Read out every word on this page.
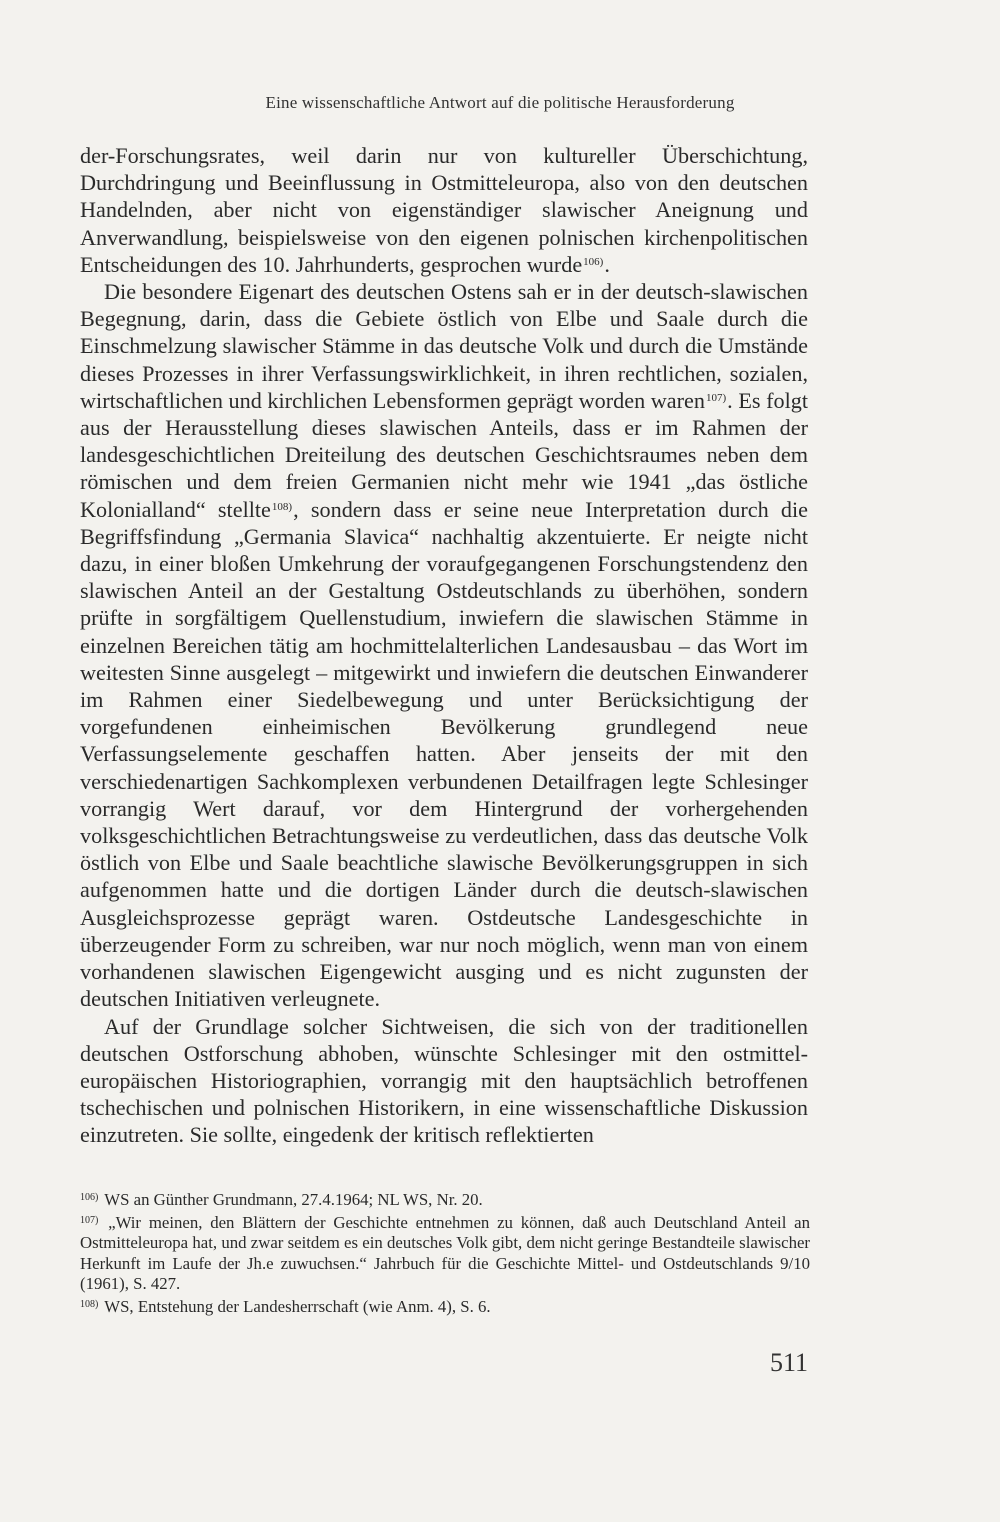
Eine wissenschaftliche Antwort auf die politische Herausforderung

der-Forschungsrates, weil darin nur von kultureller Überschichtung, Durchdringung und Beeinflussung in Ostmitteleuropa, also von den deutschen Handelnden, aber nicht von eigenständiger slawischer Aneignung und Anverwandlung, beispielsweise von den eigenen polnischen kirchenpolitischen Entscheidungen des 10. Jahrhunderts, gesprochen wurde$^{106)}$.

Die besondere Eigenart des deutschen Ostens sah er in der deutsch-slawischen Begegnung, darin, dass die Gebiete östlich von Elbe und Saale durch die Einschmelzung slawischer Stämme in das deutsche Volk und durch die Umstände dieses Prozesses in ihrer Verfassungswirklichkeit, in ihren rechtlichen, sozialen, wirtschaftlichen und kirchlichen Lebensformen geprägt worden waren$^{107)}$. Es folgt aus der Herausstellung dieses slawischen Anteils, dass er im Rahmen der landesgeschichtlichen Dreiteilung des deutschen Geschichtsraumes neben dem römischen und dem freien Germanien nicht mehr wie 1941 „das östliche Kolonialland“ stellte$^{108)}$, sondern dass er seine neue Interpretation durch die Begriffsfindung „Germania Slavica“ nachhaltig akzentuierte. Er neigte nicht dazu, in einer bloßen Umkehrung der voraufgegangenen Forschungstendenz den slawischen Anteil an der Gestaltung Ostdeutschlands zu überhöhen, sondern prüfte in sorgfältigem Quellenstudium, inwiefern die slawischen Stämme in einzelnen Bereichen tätig am hochmittelalterlichen Landesausbau – das Wort im weitesten Sinne ausgelegt – mitgewirkt und inwiefern die deutschen Einwanderer im Rahmen einer Siedelbewegung und unter Berücksichtigung der vorgefundenen einheimischen Bevölkerung grundlegend neue Verfassungselemente geschaffen hatten. Aber jenseits der mit den verschiedenartigen Sachkomplexen verbundenen Detailfragen legte Schlesinger vorrangig Wert darauf, vor dem Hintergrund der vorhergehenden volksgeschichtlichen Betrachtungsweise zu verdeutlichen, dass das deutsche Volk östlich von Elbe und Saale beachtliche slawische Bevölkerungsgruppen in sich aufgenommen hatte und die dortigen Länder durch die deutsch-slawischen Ausgleichsprozesse geprägt waren. Ostdeutsche Landesgeschichte in überzeugender Form zu schreiben, war nur noch möglich, wenn man von einem vorhandenen slawischen Eigengewicht ausging und es nicht zugunsten der deutschen Initiativen verleugnete.

Auf der Grundlage solcher Sichtweisen, die sich von der traditionellen deutschen Ostforschung abhoben, wünschte Schlesinger mit den ostmitteleuropäischen Historiographien, vorrangig mit den hauptsächlich betroffenen tschechischen und polnischen Historikern, in eine wissenschaftliche Diskussion einzutreten. Sie sollte, eingedenk der kritisch reflektierten

$^{106)}$ WS an Günther Grundmann, 27.4.1964; NL WS, Nr. 20.

$^{107)}$ „Wir meinen, den Blättern der Geschichte entnehmen zu können, daß auch Deutschland Anteil an Ostmitteleuropa hat, und zwar seitdem es ein deutsches Volk gibt, dem nicht geringe Bestandteile slawischer Herkunft im Laufe der Jh.e zuwuchsen.“ Jahrbuch für die Geschichte Mittel- und Ostdeutschlands 9/10 (1961), S. 427.

$^{108)}$ WS, Entstehung der Landesherrschaft (wie Anm. 4), S. 6.

511
